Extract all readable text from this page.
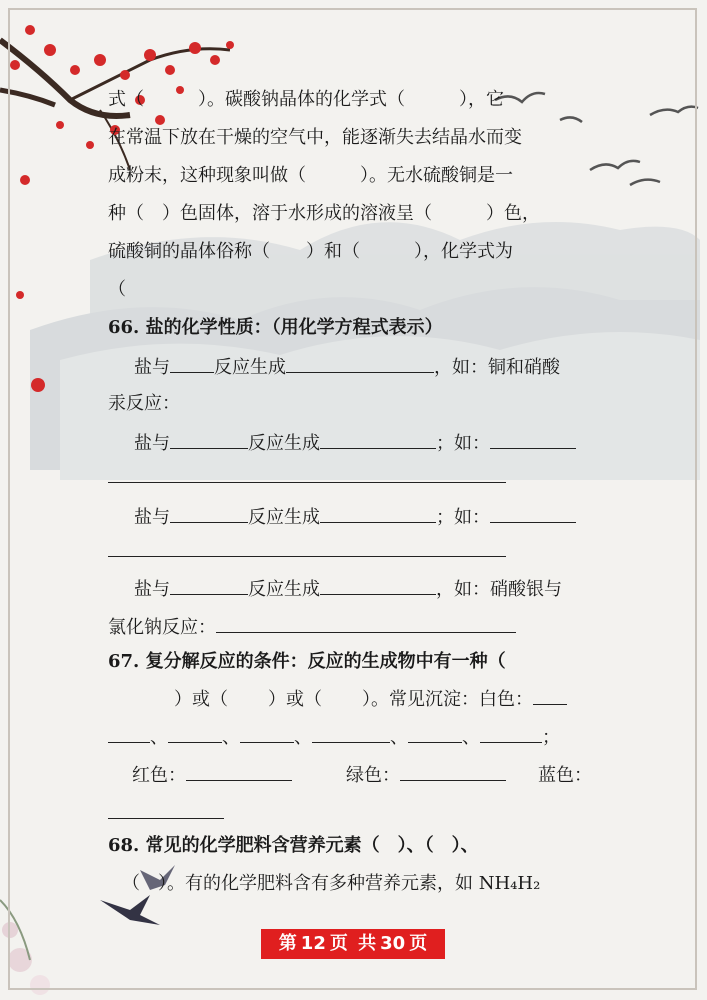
式（　　　）。碳酸钠晶体的化学式（　　　），它
在常温下放在干燥的空气中，能逐渐失去结晶水而变
成粉末，这种现象叫做（　　　）。无水硫酸铜是一
种（　）色固体，溶于水形成的溶液呈（　　　）色，
硫酸铜的晶体俗称（　　）和（　　　），化学式为
（
66. 盐的化学性质：（用化学方程式表示）
盐与 反应生成	，如：铜和硝酸
汞反应：
盐与	反应生成	；如：
盐与	反应生成	；如：
盐与	反应生成	，如：硝酸银与
氯化钠反应：
67. 复分解反应的条件：反应的生成物中有一种（
）或（ ）或（ ）。常见沉淀：白色：
、	、	、	、	、	；
红色：	绿色：	蓝色：
68. 常见的化学肥料含营养元素（　）、（　）、
（　）。有的化学肥料含有多种营养元素，如 NH₄H₂
第 12 页 共 30 页
